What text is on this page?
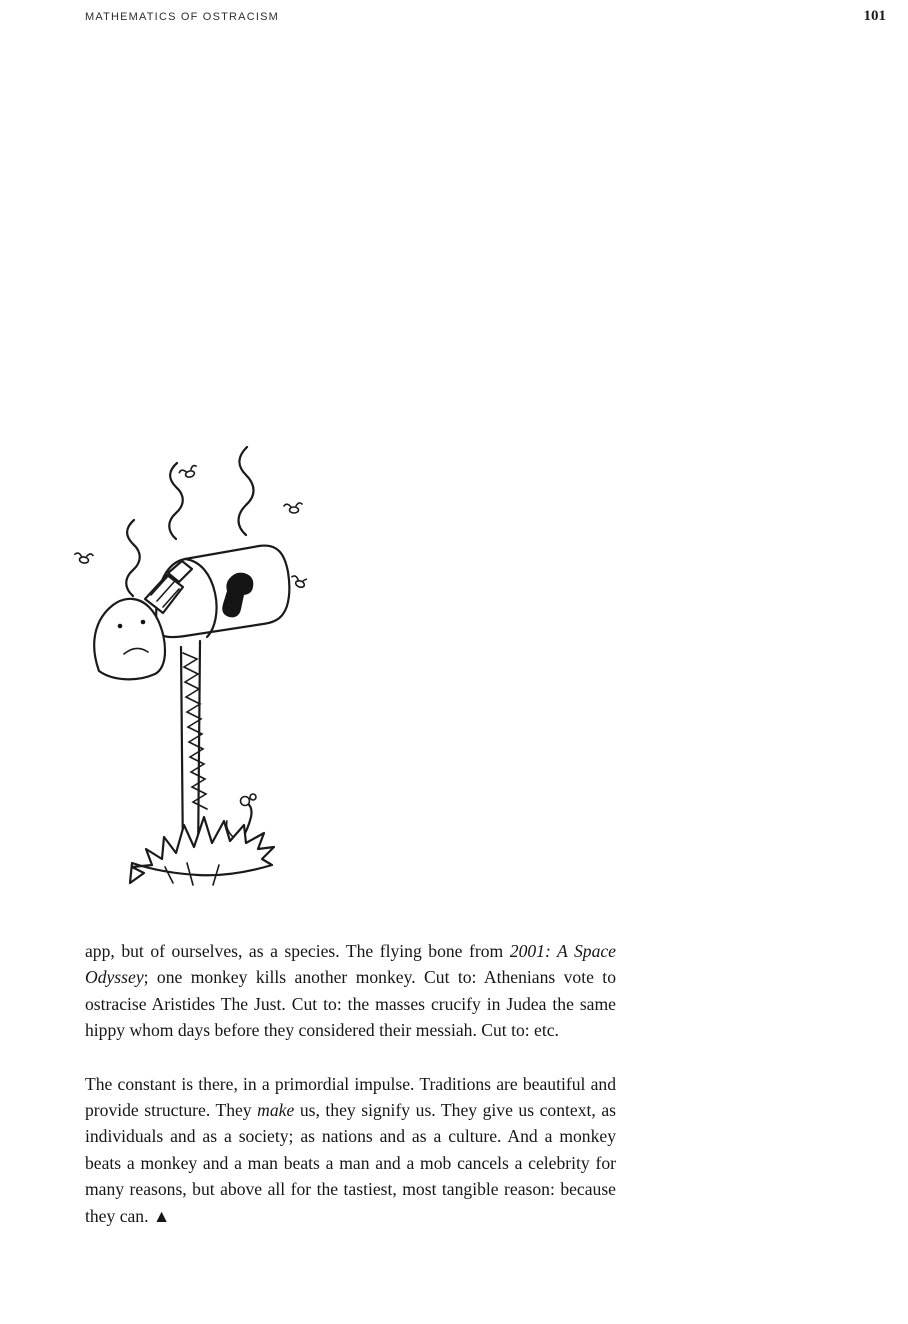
MATHEMATICS OF OSTRACISM	101

app, but of ourselves, as a species. The flying bone from 2001: A Space Odyssey; one monkey kills another monkey. Cut to: Athenians vote to ostracise Aristides The Just. Cut to: the masses crucify in Judea the same hippy whom days before they considered their messiah. Cut to: etc.

The constant is there, in a primordial impulse. Traditions are beautiful and provide structure. They make us, they signify us. They give us context, as individuals and as a society; as nations and as a culture. And a monkey beats a monkey and a man beats a man and a mob cancels a celebrity for many reasons, but above all for the tastiest, most tangible reason: because they can. ▲
